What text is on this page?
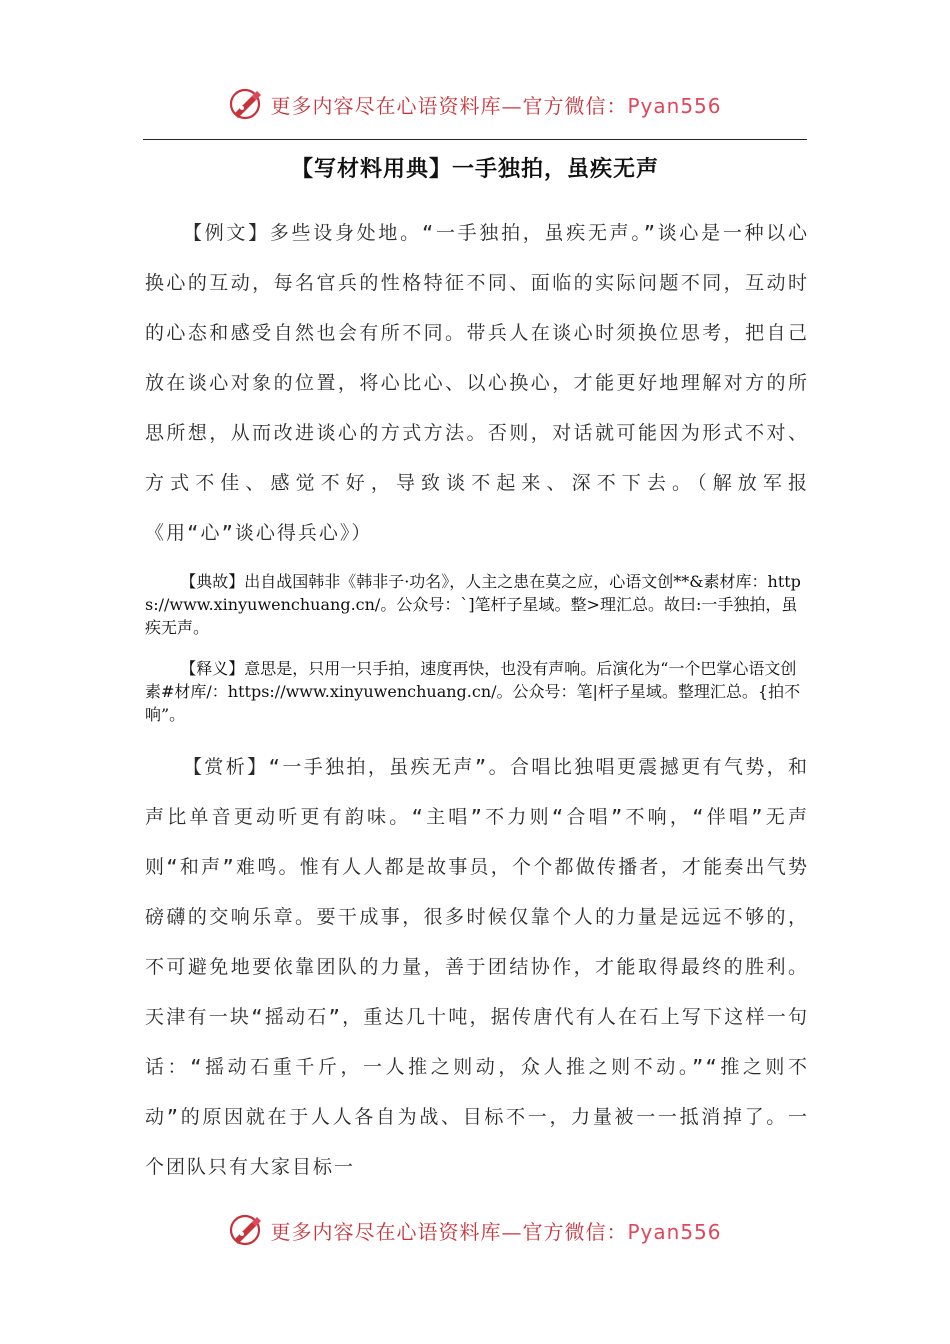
更多内容尽在心语资料库—官方微信：Pyan556
【写材料用典】一手独拍，虽疾无声

【例文】多些设身处地。“一手独拍，虽疾无声。”谈心是一种以心换心的互动，每名官兵的性格特征不同、面临的实际问题不同，互动时的心态和感受自然也会有所不同。带兵人在谈心时须换位思考，把自己放在谈心对象的位置，将心比心、以心换心，才能更好地理解对方的所思所想，从而改进谈心的方式方法。否则，对话就可能因为形式不对、方式不佳、感觉不好，导致谈不起来、深不下去。（解放军报《用“心”谈心得兵心》）

【典故】出自战国韩非《韩非子·功名》，人主之患在莫之应，心语文创**&素材库：https://www.xinyuwenchuang.cn/。公众号：`]笔杆子星域。整>理汇总。故曰:一手独拍，虽疾无声。

【释义】意思是，只用一只手拍，速度再快，也没有声响。后演化为“一个巴掌心语文创素#材库/：https://www.xinyuwenchuang.cn/。公众号：笔|杆子星域。整理汇总。{拍不响”。

【赏析】“一手独拍，虽疾无声”。合唱比独唱更震撼更有气势，和声比单音更动听更有韵味。“主唱”不力则“合唱”不响，“伴唱”无声则“和声”难鸣。惟有人人都是故事员，个个都做传播者，才能奏出气势磅礴的交响乐章。要干成事，很多时候仅靠个人的力量是远远不够的，不可避免地要依靠团队的力量，善于团结协作，才能取得最终的胜利。天津有一块“摇动石”，重达几十吨，据传唐代有人在石上写下这样一句话：“摇动石重千斤，一人推之则动，众人推之则不动。”“推之则不动”的原因就在于人人各自为战、目标不一，力量被一一抵消掉了。一个团队只有大家目标一

更多内容尽在心语资料库—官方微信：Pyan556
